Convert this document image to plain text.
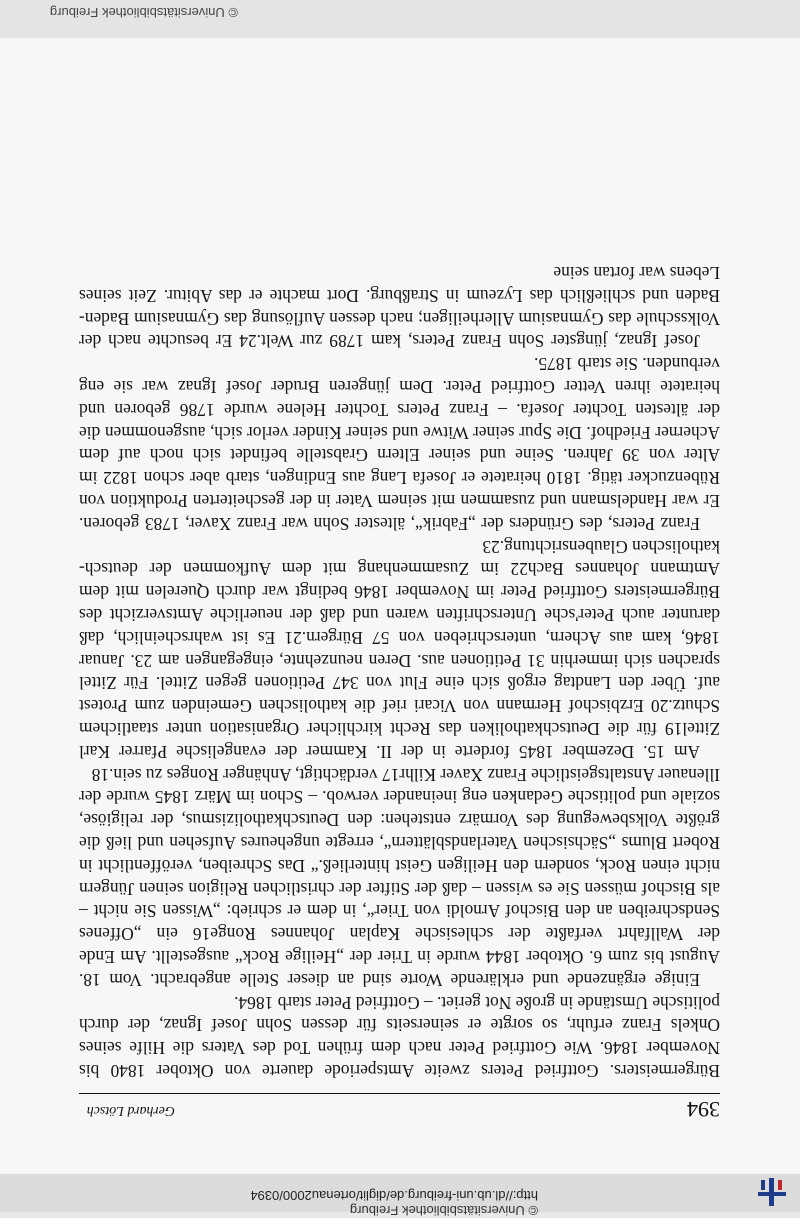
© Universitätsbibliothek Freiburg
http://dl.ub.uni-freiburg.de/diglit/ortenau2000/0394
394
Gerhard Lötsch

Bürgermeisters. Gottfried Peters zweite Amtsperiode dauerte von Oktober 1840 bis November 1846. Wie Gottfried Peter nach dem frühen Tod des Vaters die Hilfe seines Onkels Franz erfuhr, so sorgte er seinerseits für dessen Sohn Josef Ignaz, der durch politische Umstände in große Not geriet. – Gottfried Peter starb 1864.

Einige ergänzende und erklärende Worte sind an dieser Stelle angebracht. Vom 18. August bis zum 6. Oktober 1844 wurde in Trier der „Heilige Rock“ ausgestellt. Am Ende der Wallfahrt verfaßte der schlesische Kaplan Johannes Ronge16 ein „Offenes Sendschreiben an den Bischof Arnoldi von Trier“, in dem er schrieb: „Wissen Sie nicht – als Bischof müssen Sie es wissen – daß der Stifter der christlichen Religion seinen Jüngern nicht einen Rock, sondern den Heiligen Geist hinterließ.“ Das Schreiben, veröffentlicht in Robert Blums „Sächsischen Vaterlandsblättern“, erregte ungeheures Aufsehen und ließ die größte Volksbewegung des Vormärz entstehen: den Deutschkatholizismus, der religiöse, soziale und politische Gedanken eng ineinander verwob. – Schon im März 1845 wurde der Illenauer Anstaltsgeistliche Franz Xaver Kilhr17 verdächtigt, Anhänger Ronges zu sein.18

Am 15. Dezember 1845 forderte in der II. Kammer der evangelische Pfarrer Karl Zittel19 für die Deutschkatholiken das Recht kirchlicher Organisation unter staatlichem Schutz.20 Erzbischof Hermann von Vicari rief die katholischen Gemeinden zum Protest auf. Über den Landtag ergoß sich eine Flut von 347 Petitionen gegen Zittel. Für Zittel sprachen sich immerhin 31 Petitionen aus. Deren neunzehnte, eingegangen am 23. Januar 1846, kam aus Achern, unterschrieben von 57 Bürgern.21 Es ist wahrscheinlich, daß darunter auch Peter'sche Unterschriften waren und daß der neuerliche Amtsverzicht des Bürgermeisters Gottfried Peter im November 1846 bedingt war durch Querelen mit dem Amtmann Johannes Bach22 im Zusammenhang mit dem Aufkommen der deutsch-katholischen Glaubensrichtung.23

Franz Peters, des Gründers der „Fabrik“, ältester Sohn war Franz Xaver, 1783 geboren. Er war Handelsmann und zusammen mit seinem Vater in der gescheiterten Produktion von Rübenzucker tätig. 1810 heiratete er Josefa Lang aus Endingen, starb aber schon 1822 im Alter von 39 Jahren. Seine und seiner Eltern Grabstelle befindet sich noch auf dem Acherner Friedhof. Die Spur seiner Witwe und seiner Kinder verlor sich, ausgenommen die der ältesten Tochter Josefa. – Franz Peters Tochter Helene wurde 1786 geboren und heiratete ihren Vetter Gottfried Peter. Dem jüngeren Bruder Josef Ignaz war sie eng verbunden. Sie starb 1875.

Josef Ignaz, jüngster Sohn Franz Peters, kam 1789 zur Welt.24 Er besuchte nach der Volksschule das Gymnasium Allerheiligen; nach dessen Auflösung das Gymnasium Baden-Baden und schließlich das Lyzeum in Straßburg. Dort machte er das Abitur. Zeit seines Lebens war fortan seine

© Universitätsbibliothek Freiburg
